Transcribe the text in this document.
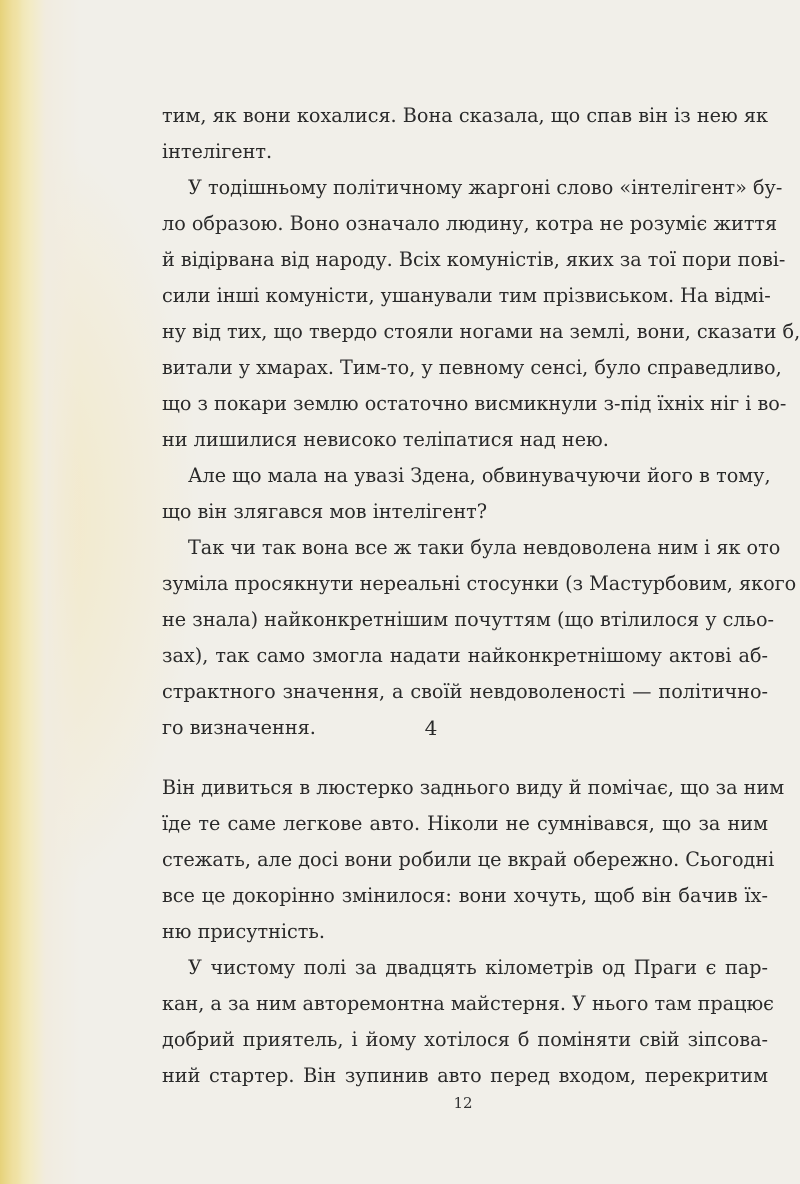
тим, як вони кохалися. Вона сказала, що спав він із нею як
інтелігент.

У тодішньому політичному жаргоні слово «інтелігент» бу-
ло образою. Воно означало людину, котра не розуміє життя
й відірвана від народу. Всіх комуністів, яких за тої пори пові-
сили інші комуністи, ушанували тим прізвиськом. На відмі-
ну від тих, що твердо стояли ногами на землі, вони, сказати б,
витали у хмарах. Тим-то, у певному сенсі, було справедливо,
що з покари землю остаточно висмикнули з-під їхніх ніг і во-
ни лишилися невисоко теліпатися над нею.

Але що мала на увазі Здена, обвинувачуючи його в тому,
що він злягався мов інтелігент?

Так чи так вона все ж таки була невдоволена ним і як ото
зуміла просякнути нереальні стосунки (з Мастурбовим, якого
не знала) найконкретнішим почуттям (що втілилося у сльо-
зах), так само змогла надати найконкретнішому актові аб-
страктного значення, а своїй невдоволеності — політично-
го визначення.	4

Він дивиться в люстерко заднього виду й помічає, що за ним
їде те саме легкове авто. Ніколи не сумнівався, що за ним
стежать, але досі вони робили це вкрай обережно. Сьогодні
все це докорінно змінилося: вони хочуть, щоб він бачив їх-
ню присутність.

У чистому полі за двадцять кілометрів од Праги є пар-
кан, а за ним авторемонтна майстерня. У нього там працює
добрий приятель, і йому хотілося б поміняти свій зіпсова-
ний стартер. Він зупинив авто перед входом, перекритим

12
